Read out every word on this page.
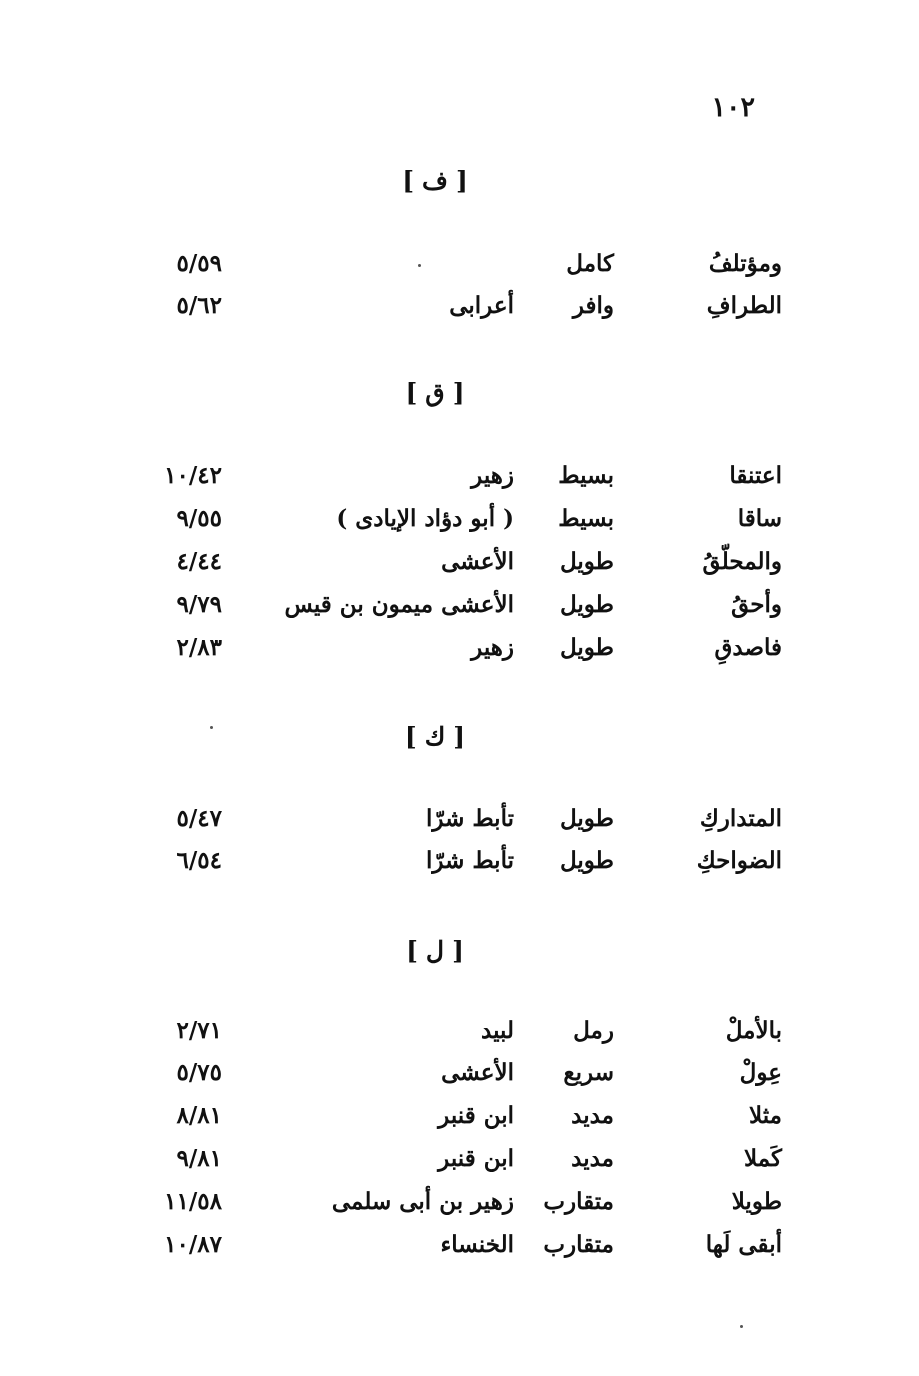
١٠٢
[ ف ]
ومؤتلفُ
كامل
٥/٥٩
الطرافِ
وافر
أعرابى
٥/٦٢
[ ق ]
اعتنقا
بسيط
زهير
١٠/٤٢
ساقا
بسيط
( أبو دؤاد الإيادى )
٩/٥٥
والمحلّقُ
طويل
الأعشى
٤/٤٤
وأحقُ
طويل
الأعشى ميمون بن قيس
٩/٧٩
فاصدقِ
طويل
زهير
٢/٨٣
[ ك ]
المتداركِ
طويل
تأبط شرّا
٥/٤٧
الضواحكِ
طويل
تأبط شرّا
٦/٥٤
[ ل ]
بالأملْ
رمل
لبيد
٢/٧١
عِولْ
سريع
الأعشى
٥/٧٥
مثلا
مديد
ابن قنبر
٨/٨١
كَملا
مديد
ابن قنبر
٩/٨١
طويلا
متقارب
زهير بن أبى سلمى
١١/٥٨
أبقى لَها
متقارب
الخنساء
١٠/٨٧
